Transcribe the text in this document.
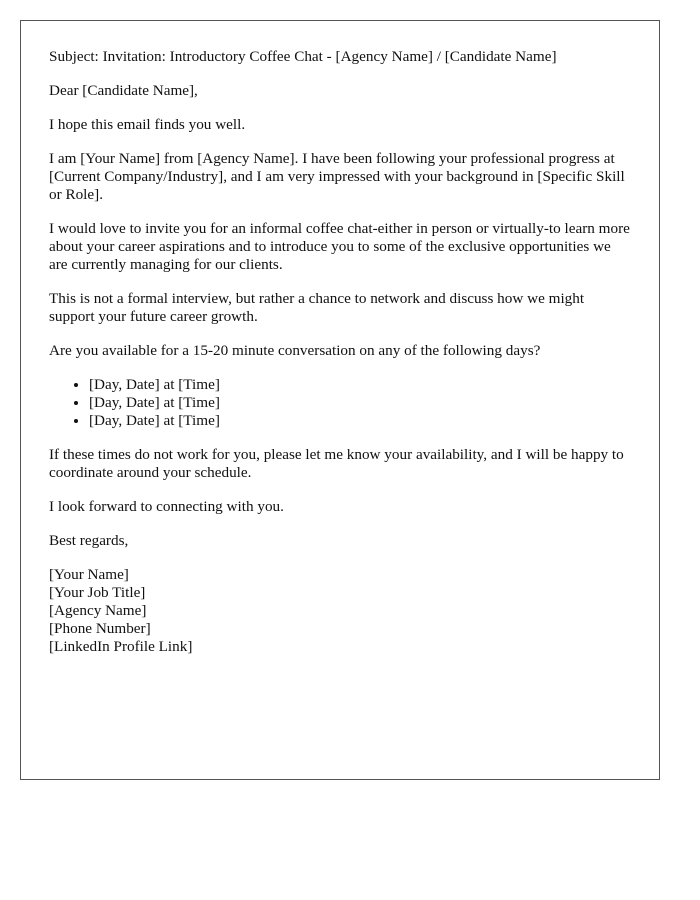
Subject: Invitation: Introductory Coffee Chat - [Agency Name] / [Candidate Name]

Dear [Candidate Name],

I hope this email finds you well.

I am [Your Name] from [Agency Name]. I have been following your professional progress at [Current Company/Industry], and I am very impressed with your background in [Specific Skill or Role].

I would love to invite you for an informal coffee chat-either in person or virtually-to learn more about your career aspirations and to introduce you to some of the exclusive opportunities we are currently managing for our clients.

This is not a formal interview, but rather a chance to network and discuss how we might support your future career growth.

Are you available for a 15-20 minute conversation on any of the following days?

• [Day, Date] at [Time]
• [Day, Date] at [Time]
• [Day, Date] at [Time]

If these times do not work for you, please let me know your availability, and I will be happy to coordinate around your schedule.

I look forward to connecting with you.

Best regards,

[Your Name]
[Your Job Title]
[Agency Name]
[Phone Number]
[LinkedIn Profile Link]
